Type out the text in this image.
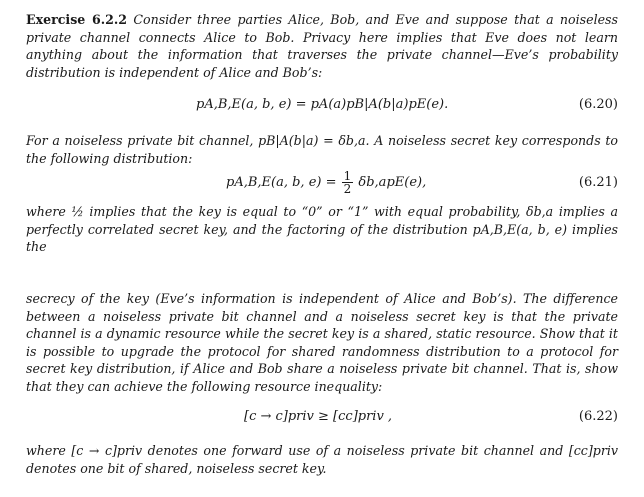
Exercise 6.2.2 Consider three parties Alice, Bob, and Eve and suppose that a noiseless private channel connects Alice to Bob. Privacy here implies that Eve does not learn anything about the information that traverses the private channel—Eve’s probability distribution is independent of Alice and Bob’s:
pA,B,E(a, b, e) = pA(a)pB|A(b|a)pE(e).	(6.20)
For a noiseless private bit channel, pB|A(b|a) = δb,a. A noiseless secret key corresponds to the following distribution:
pA,B,E(a, b, $e) = \frac{1}{2} \delta b,apE(e)$,	(6.21)
where ½ implies that the key is equal to “0” or “1” with equal probability, δb,a implies a perfectly correlated secret key, and the factoring of the distribution pA,B,E(a, b, e) implies the
secrecy of the key (Eve’s information is independent of Alice and Bob’s). The difference between a noiseless private bit channel and a noiseless secret key is that the private channel is a dynamic resource while the secret key is a shared, static resource. Show that it is possible to upgrade the protocol for shared randomness distribution to a protocol for secret key distribution, if Alice and Bob share a noiseless private bit channel. That is, show that they can achieve the following resource inequality:
[c → c]priv ≥ [cc]priv ,	(6.22)
where [c → c]priv denotes one forward use of a noiseless private bit channel and [cc]priv denotes one bit of shared, noiseless secret key.
